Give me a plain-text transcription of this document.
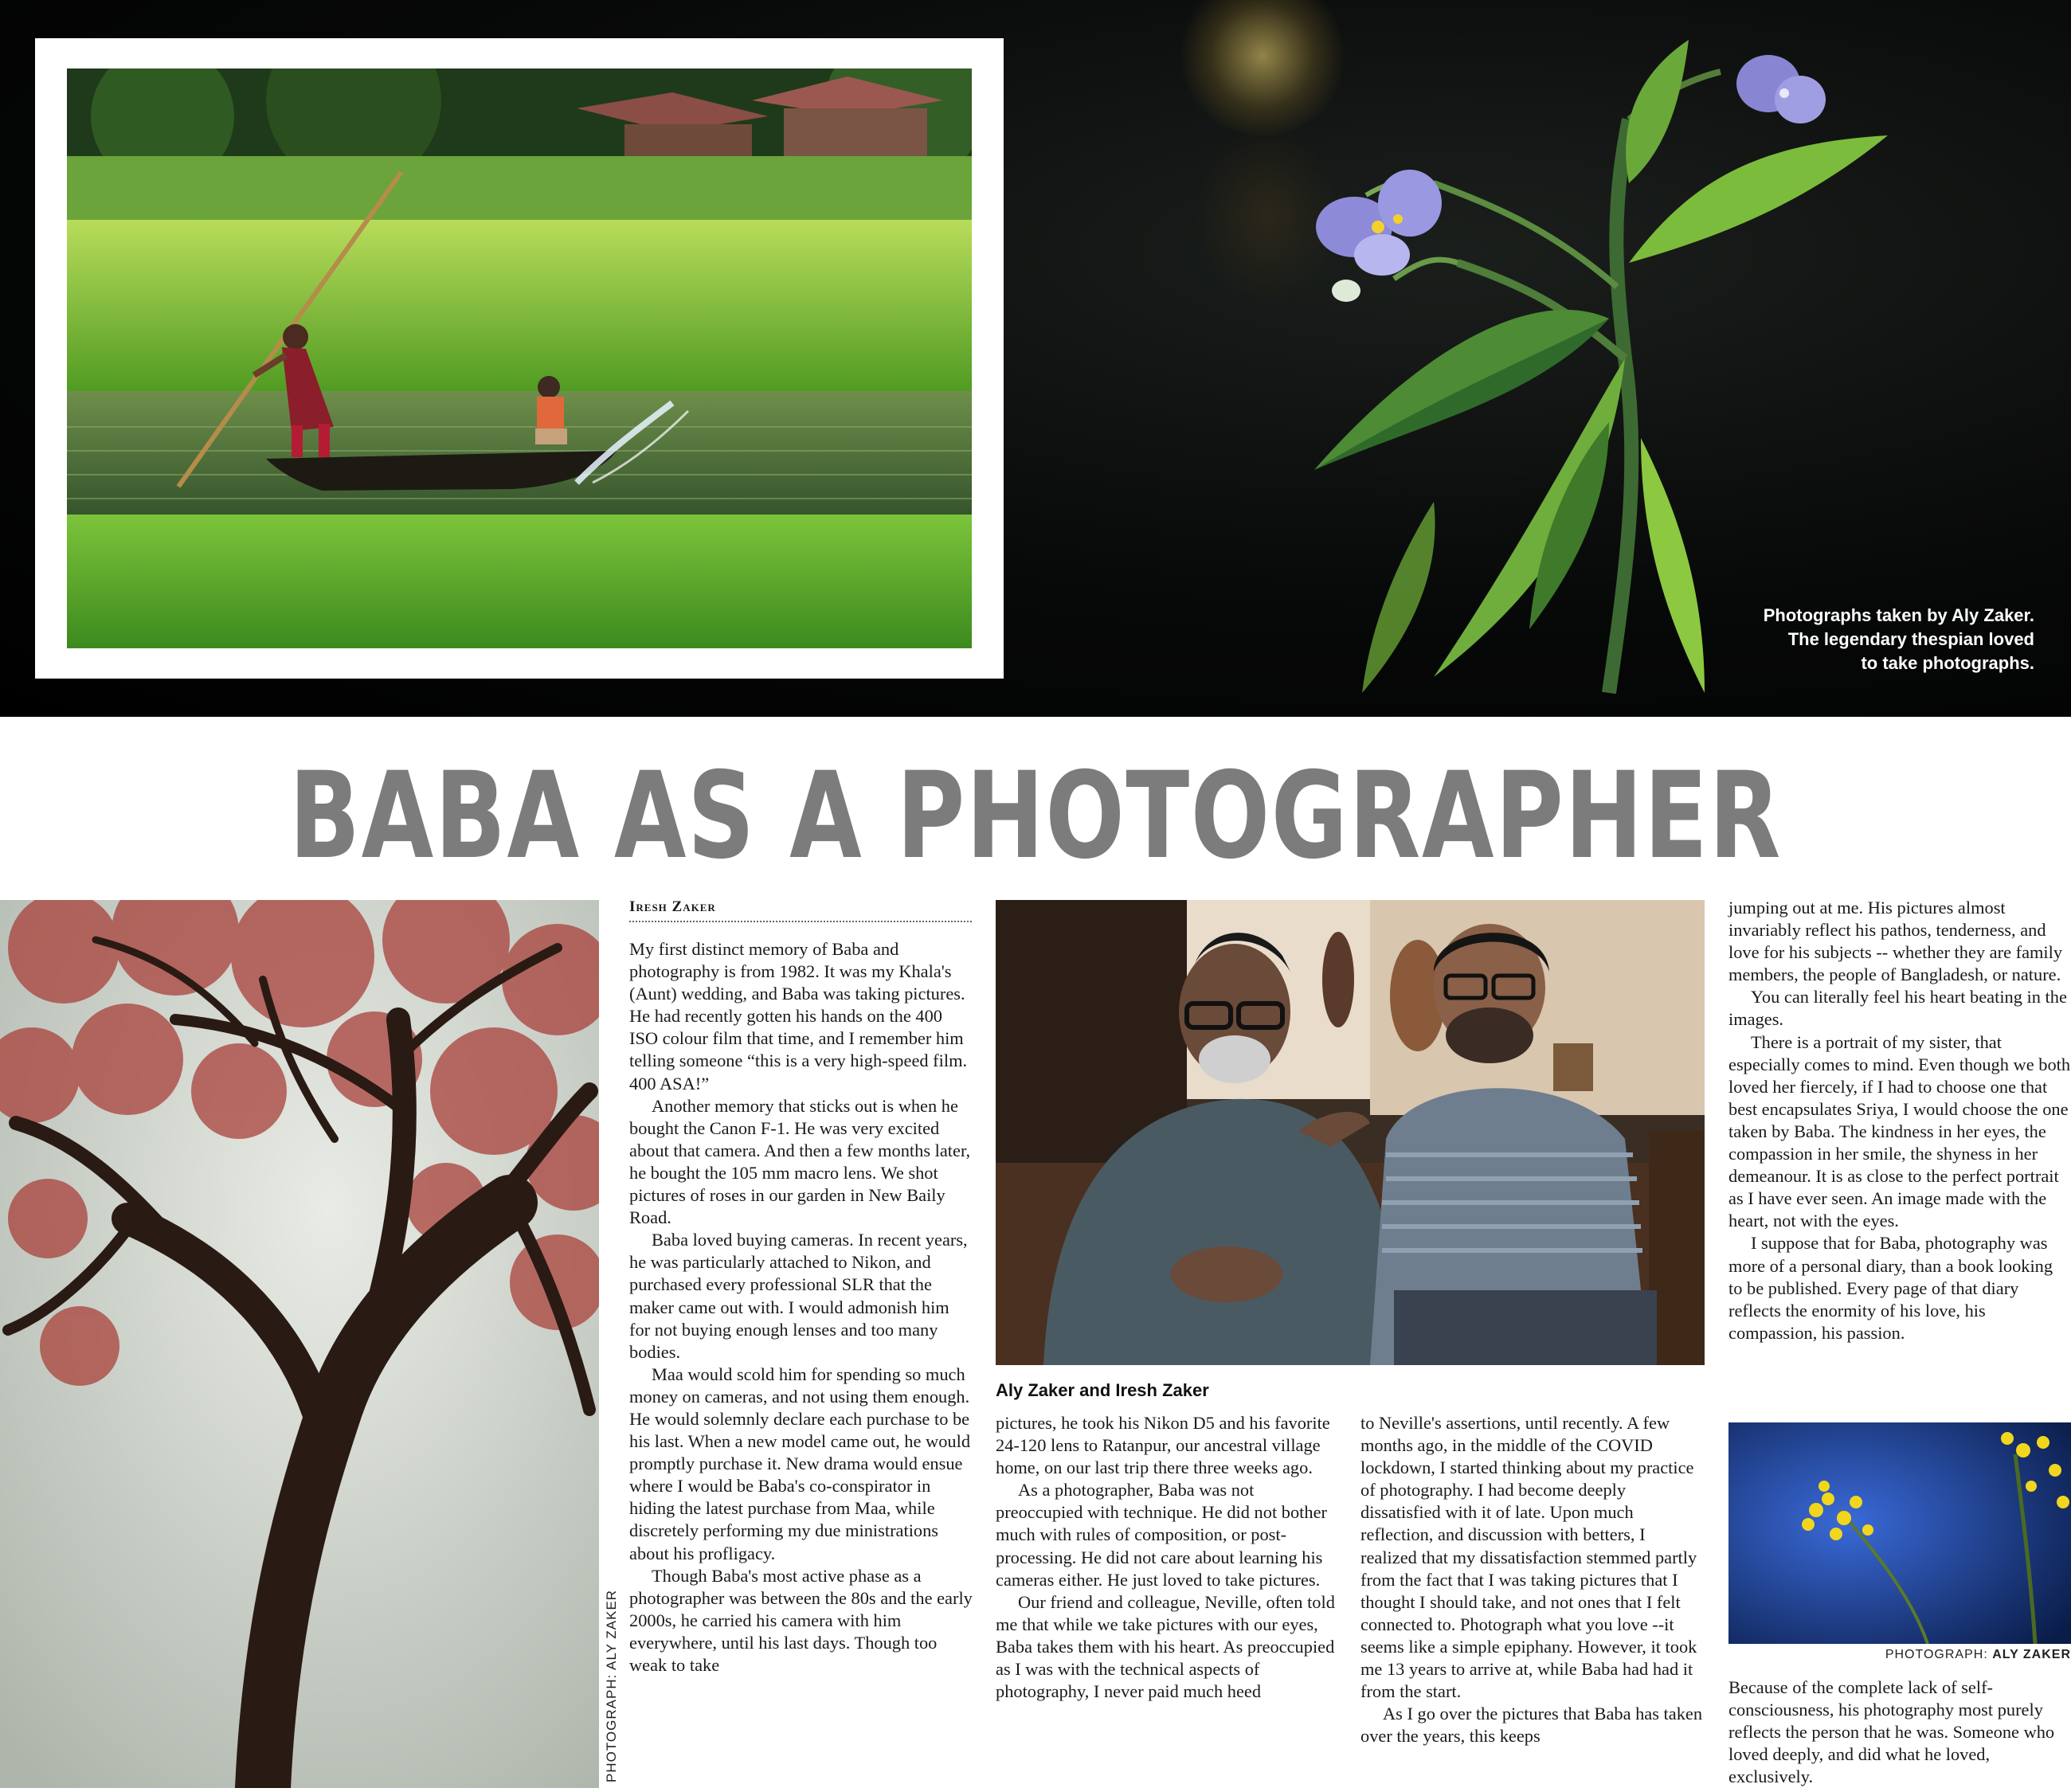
Photographs taken by Aly Zaker.
The legendary thespian loved
to take photographs.
BABA AS A PHOTOGRAPHER
PHOTOGRAPH: ALY ZAKER
Iresh Zaker

My first distinct memory of Baba and photography is from 1982. It was my Khala's (Aunt) wedding, and Baba was taking pictures. He had recently gotten his hands on the 400 ISO colour film that time, and I remember him telling someone “this is a very high-speed film. 400 ASA!”

Another memory that sticks out is when he bought the Canon F-1. He was very excited about that camera. And then a few months later, he bought the 105 mm macro lens. We shot pictures of roses in our garden in New Baily Road.

Baba loved buying cameras. In recent years, he was particularly attached to Nikon, and purchased every professional SLR that the maker came out with. I would admonish him for not buying enough lenses and too many bodies.

Maa would scold him for spending so much money on cameras, and not using them enough. He would solemnly declare each purchase to be his last. When a new model came out, he would promptly purchase it. New drama would ensue where I would be Baba's co-conspirator in hiding the latest purchase from Maa, while discretely performing my due ministrations about his profligacy.

Though Baba's most active phase as a photographer was between the 80s and the early 2000s, he carried his camera with him everywhere, until his last days. Though too weak to take

Aly Zaker and Iresh Zaker

pictures, he took his Nikon D5 and his favorite 24-120 lens to Ratanpur, our ancestral village home, on our last trip there three weeks ago.

As a photographer, Baba was not preoccupied with technique. He did not bother much with rules of composition, or post-processing. He did not care about learning his cameras either. He just loved to take pictures.

Our friend and colleague, Neville, often told me that while we take pictures with our eyes, Baba takes them with his heart. As preoccupied as I was with the technical aspects of photography, I never paid much heed

to Neville's assertions, until recently. A few months ago, in the middle of the COVID lockdown, I started thinking about my practice of photography. I had become deeply dissatisfied with it of late. Upon much reflection, and discussion with betters, I realized that my dissatisfaction stemmed partly from the fact that I was taking pictures that I thought I should take, and not ones that I felt connected to. Photograph what you love --it seems like a simple epiphany. However, it took me 13 years to arrive at, while Baba had had it from the start.

As I go over the pictures that Baba has taken over the years, this keeps

jumping out at me. His pictures almost invariably reflect his pathos, tenderness, and love for his subjects -- whether they are family members, the people of Bangladesh, or nature.

You can literally feel his heart beating in the images.

There is a portrait of my sister, that especially comes to mind. Even though we both loved her fiercely, if I had to choose one that best encapsulates Sriya, I would choose the one taken by Baba. The kindness in her eyes, the compassion in her smile, the shyness in her demeanour. It is as close to the perfect portrait as I have ever seen. An image made with the heart, not with the eyes.

I suppose that for Baba, photography was more of a personal diary, than a book looking to be published. Every page of that diary reflects the enormity of his love, his compassion, his passion.

PHOTOGRAPH: ALY ZAKER

Because of the complete lack of self-consciousness, his photography most purely reflects the person that he was. Someone who loved deeply, and did what he loved, exclusively.
